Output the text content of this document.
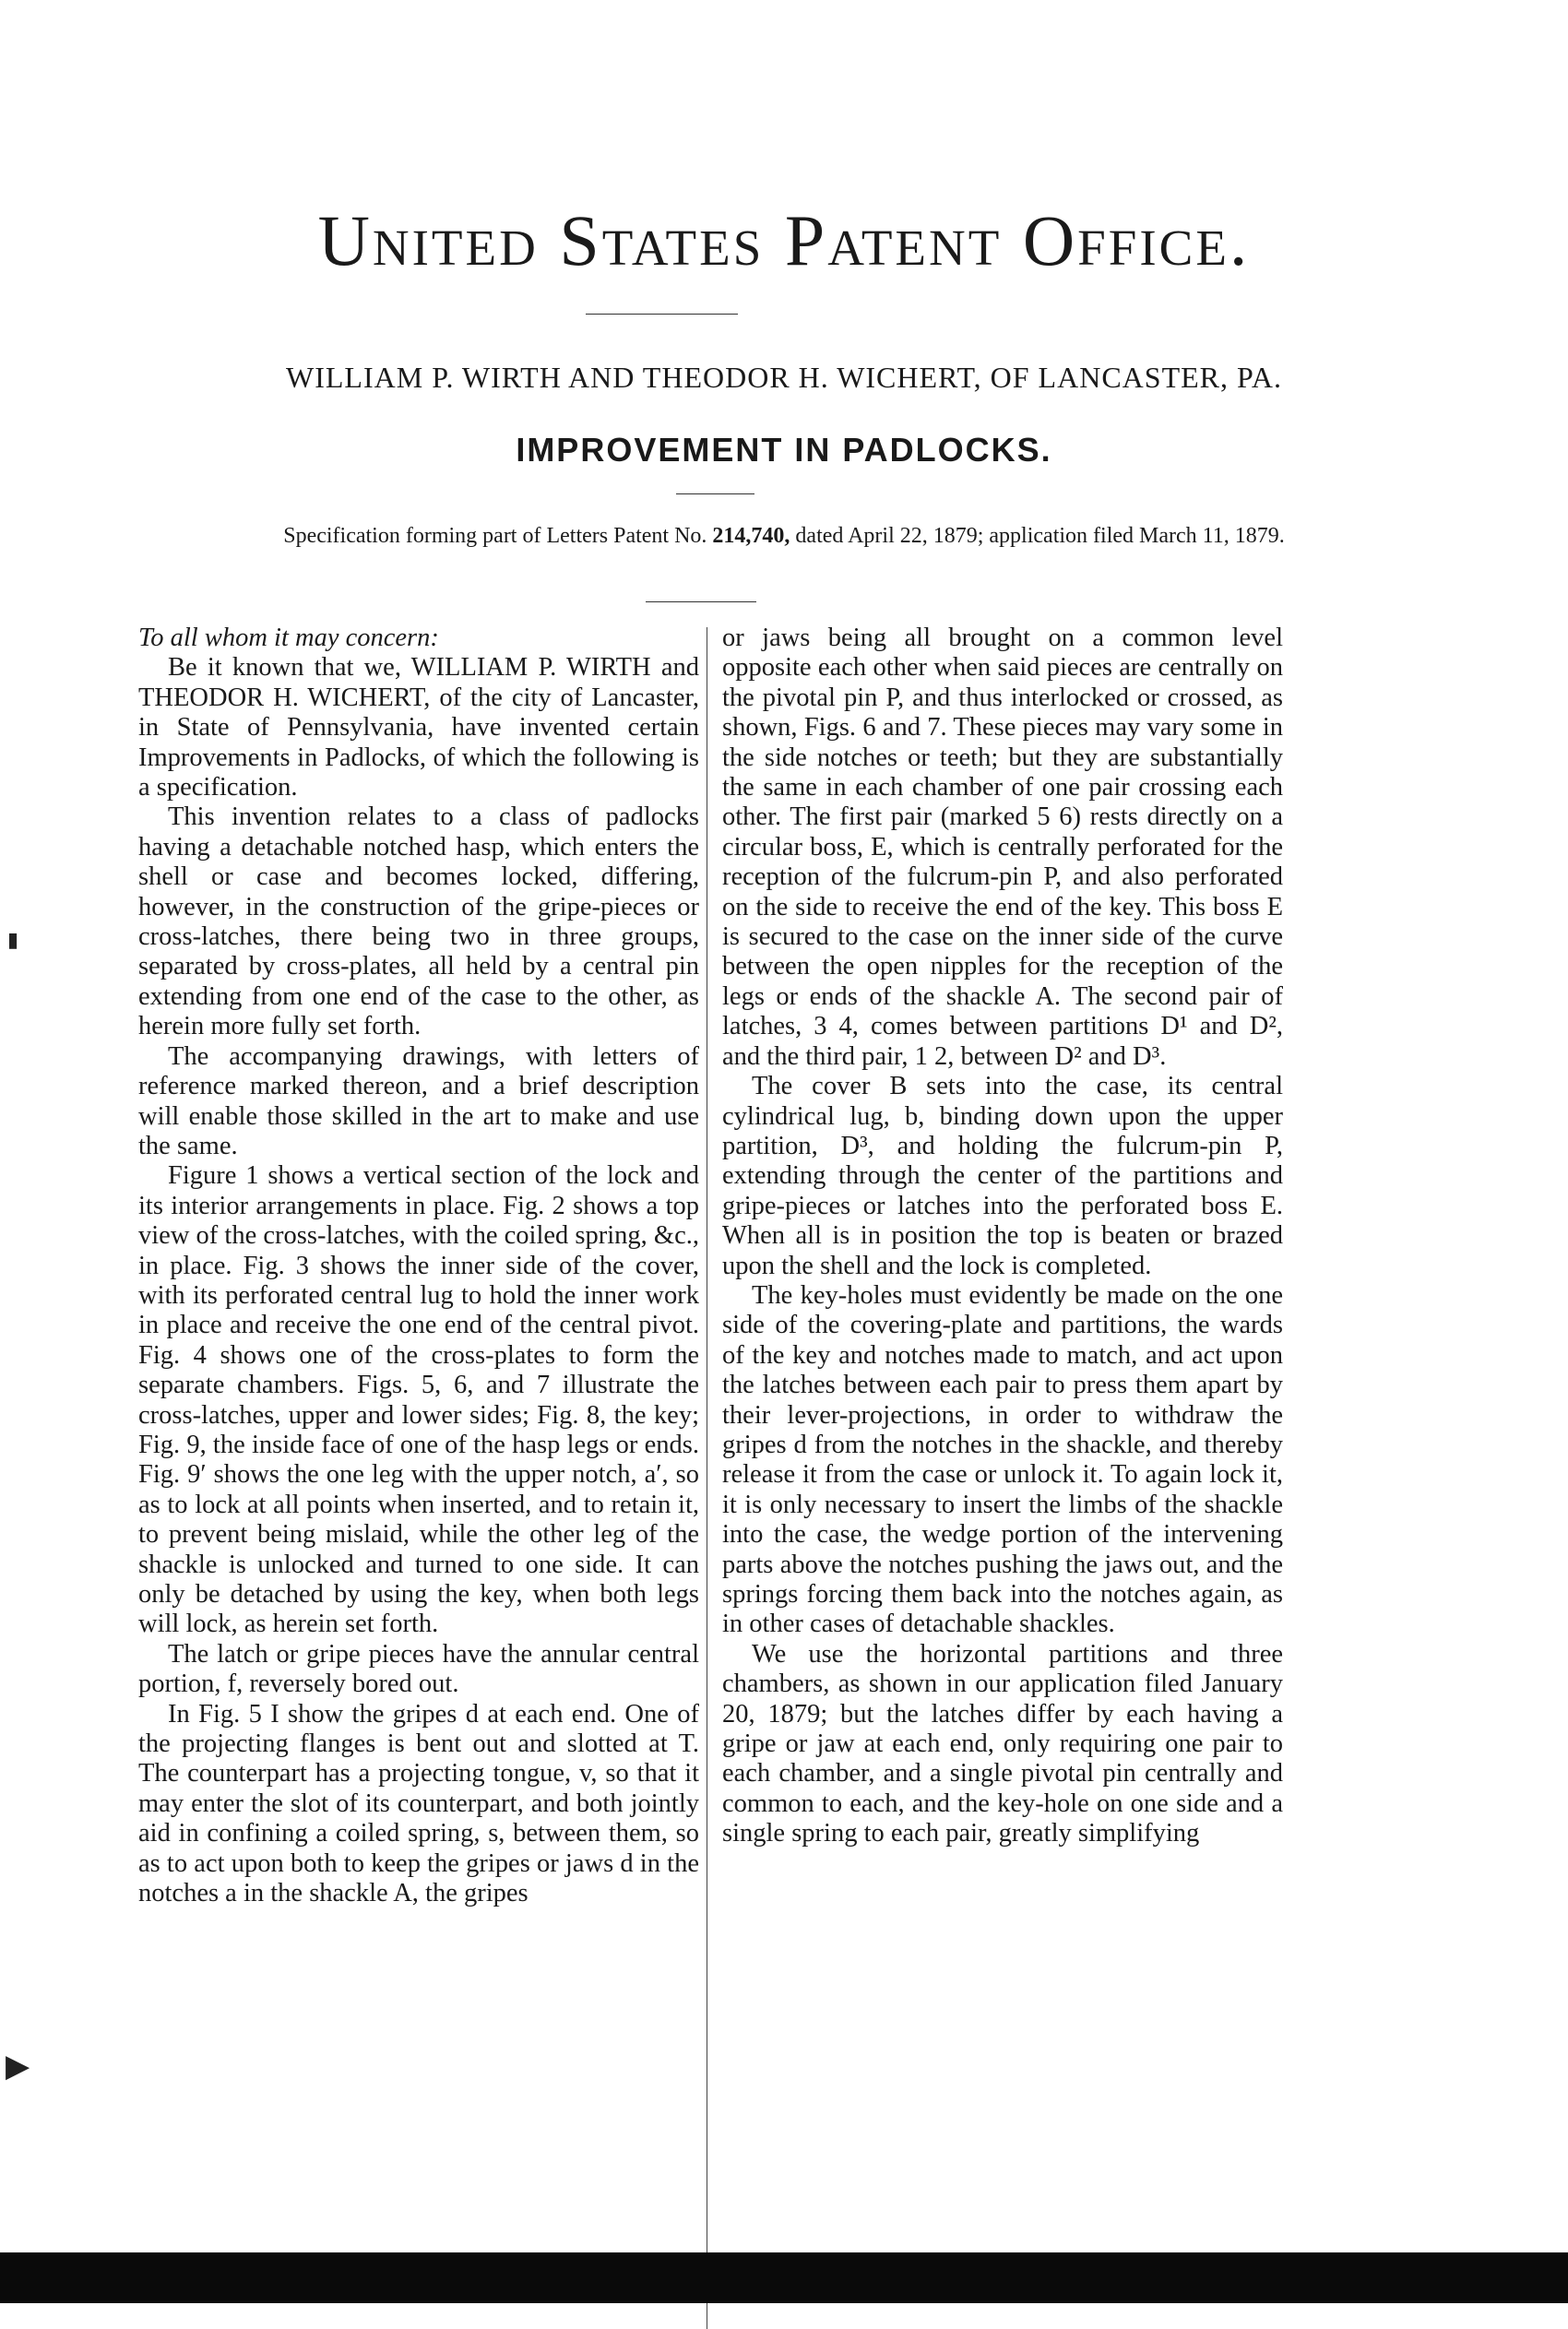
United States Patent Office.
WILLIAM P. WIRTH AND THEODOR H. WICHERT, OF LANCASTER, PA.
IMPROVEMENT IN PADLOCKS.
Specification forming part of Letters Patent No. 214,740, dated April 22, 1879; application filed March 11, 1879.

To all whom it may concern:

Be it known that we, WILLIAM P. WIRTH and THEODOR H. WICHERT, of the city of Lancaster, in State of Pennsylvania, have invented certain Improvements in Padlocks, of which the following is a specification.

This invention relates to a class of padlocks having a detachable notched hasp, which enters the shell or case and becomes locked, differing, however, in the construction of the gripe-pieces or cross-latches, there being two in three groups, separated by cross-plates, all held by a central pin extending from one end of the case to the other, as herein more fully set forth.

The accompanying drawings, with letters of reference marked thereon, and a brief description will enable those skilled in the art to make and use the same.

Figure 1 shows a vertical section of the lock and its interior arrangements in place. Fig. 2 shows a top view of the cross-latches, with the coiled spring, &c., in place. Fig. 3 shows the inner side of the cover, with its perforated central lug to hold the inner work in place and receive the one end of the central pivot. Fig. 4 shows one of the cross-plates to form the separate chambers. Figs. 5, 6, and 7 illustrate the cross-latches, upper and lower sides; Fig. 8, the key; Fig. 9, the inside face of one of the hasp legs or ends. Fig. 9′ shows the one leg with the upper notch, a′, so as to lock at all points when inserted, and to retain it, to prevent being mislaid, while the other leg of the shackle is unlocked and turned to one side. It can only be detached by using the key, when both legs will lock, as herein set forth.

The latch or gripe pieces have the annular central portion, f, reversely bored out.

In Fig. 5 I show the gripes d at each end. One of the projecting flanges is bent out and slotted at T. The counterpart has a projecting tongue, v, so that it may enter the slot of its counterpart, and both jointly aid in confining a coiled spring, s, between them, so as to act upon both to keep the gripes or jaws d in the notches a in the shackle A, the gripes

or jaws being all brought on a common level opposite each other when said pieces are centrally on the pivotal pin P, and thus interlocked or crossed, as shown, Figs. 6 and 7. These pieces may vary some in the side notches or teeth; but they are substantially the same in each chamber of one pair crossing each other. The first pair (marked 5 6) rests directly on a circular boss, E, which is centrally perforated for the reception of the fulcrum-pin P, and also perforated on the side to receive the end of the key. This boss E is secured to the case on the inner side of the curve between the open nipples for the reception of the legs or ends of the shackle A. The second pair of latches, 3 4, comes between partitions D¹ and D², and the third pair, 1 2, between D² and D³.

The cover B sets into the case, its central cylindrical lug, b, binding down upon the upper partition, D³, and holding the fulcrum-pin P, extending through the center of the partitions and gripe-pieces or latches into the perforated boss E. When all is in position the top is beaten or brazed upon the shell and the lock is completed.

The key-holes must evidently be made on the one side of the covering-plate and partitions, the wards of the key and notches made to match, and act upon the latches between each pair to press them apart by their lever-projections, in order to withdraw the gripes d from the notches in the shackle, and thereby release it from the case or unlock it. To again lock it, it is only necessary to insert the limbs of the shackle into the case, the wedge portion of the intervening parts above the notches pushing the jaws out, and the springs forcing them back into the notches again, as in other cases of detachable shackles.

We use the horizontal partitions and three chambers, as shown in our application filed January 20, 1879; but the latches differ by each having a gripe or jaw at each end, only requiring one pair to each chamber, and a single pivotal pin centrally and common to each, and the key-hole on one side and a single spring to each pair, greatly simplifying

▮
▶
